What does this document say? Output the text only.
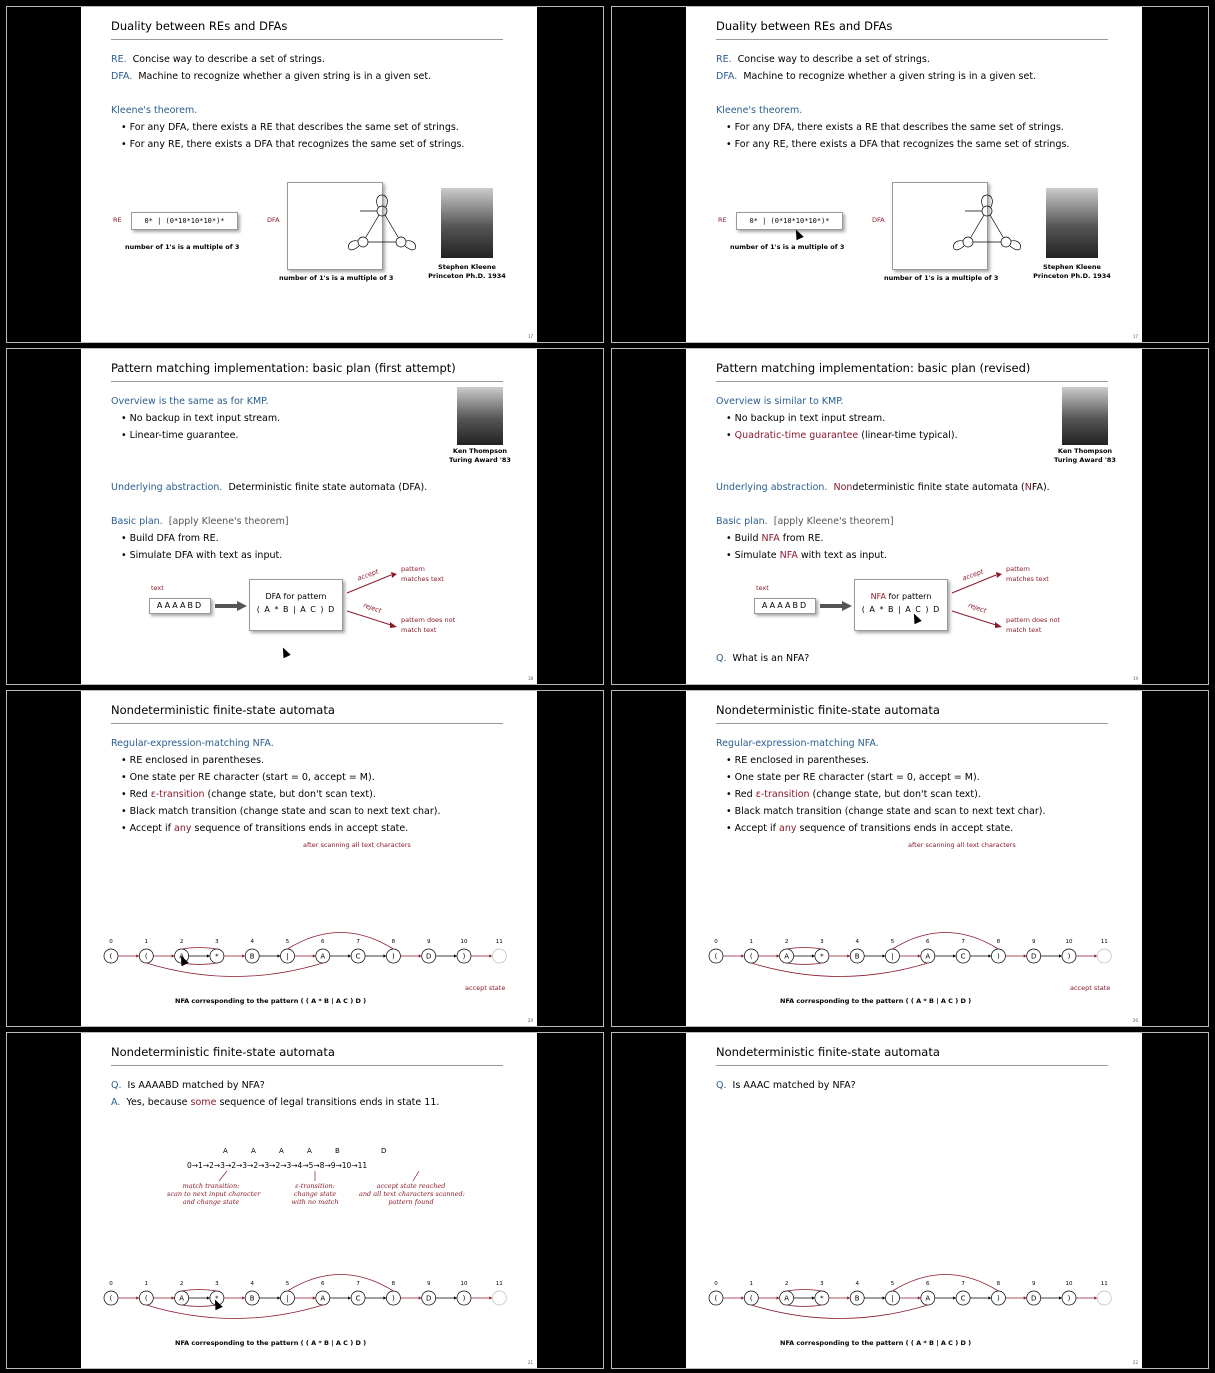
Duality between REs and DFAs
RE. Concise way to describe a set of strings.
DFA. Machine to recognize whether a given string is in a given set.
Kleene's theorem.
• For any DFA, there exists a RE that describes the same set of strings.
• For any RE, there exists a DFA that recognizes the same set of strings.
RE	0* | (0*10*10*10*)*
number of 1's is a multiple of 3
DFA
number of 1's is a multiple of 3
Stephen Kleene
Princeton Ph.D. 1934
17
Duality between REs and DFAs
RE. Concise way to describe a set of strings.
DFA. Machine to recognize whether a given string is in a given set.
Kleene's theorem.
• For any DFA, there exists a RE that describes the same set of strings.
• For any RE, there exists a DFA that recognizes the same set of strings.
RE	0* | (0*10*10*10*)*
number of 1's is a multiple of 3
DFA
number of 1's is a multiple of 3
Stephen Kleene
Princeton Ph.D. 1934
17
Pattern matching implementation: basic plan (first attempt)
Overview is the same as for KMP.
• No backup in text input stream.
• Linear-time guarantee.
Ken Thompson
Turing Award '83
Underlying abstraction. Deterministic finite state automata (DFA).
Basic plan. [apply Kleene's theorem]
• Build DFA from RE.
• Simulate DFA with text as input.
text
AAAABD
DFA for pattern
( A * B | A C ) D
accept
reject
pattern
matches text
pattern does not
match text
18
Pattern matching implementation: basic plan (revised)
Overview is similar to KMP.
• No backup in text input stream.
• Quadratic-time guarantee (linear-time typical).
Ken Thompson
Turing Award '83
Underlying abstraction. Nondeterministic finite state automata (NFA).
Basic plan. [apply Kleene's theorem]
• Build NFA from RE.
• Simulate NFA with text as input.
text
AAAABD
NFA for pattern
( A * B | A C ) D
accept
reject
pattern
matches text
pattern does not
match text
Q. What is an NFA?
19
Nondeterministic finite-state automata
Regular-expression-matching NFA.
• RE enclosed in parentheses.
• One state per RE character (start = 0, accept = M).
• Red ε-transition (change state, but don't scan text).
• Black match transition (change state and scan to next text char).
• Accept if any sequence of transitions ends in accept state.
after scanning all text characters
0
(
1
(
2
A
3
*
4
B
5
|
6
A
7
C
8
)
9
D
10
)
11
accept state
NFA corresponding to the pattern ( ( A * B | A C ) D )
20
Nondeterministic finite-state automata
Regular-expression-matching NFA.
• RE enclosed in parentheses.
• One state per RE character (start = 0, accept = M).
• Red ε-transition (change state, but don't scan text).
• Black match transition (change state and scan to next text char).
• Accept if any sequence of transitions ends in accept state.
after scanning all text characters
0
(
1
(
2
A
3
*
4
B
5
|
6
A
7
C
8
)
9
D
10
)
11
accept state
NFA corresponding to the pattern ( ( A * B | A C ) D )
20
Nondeterministic finite-state automata
Q. Is AAAABD matched by NFA?
A. Yes, because some sequence of legal transitions ends in state 11.
A	A	A	A	B	D
0→1→2→3→2→3→2→3→2→3→4→5→8→9→10→11
match transition:
scan to next input character
and change state
ε-transition:
change state
with no match
accept state reached
and all text characters scanned:
pattern found
0
(
1
(
2
A
3
*
4
B
5
|
6
A
7
C
8
)
9
D
10
)
11
NFA corresponding to the pattern ( ( A * B | A C ) D )
21
Nondeterministic finite-state automata
Q. Is AAAC matched by NFA?
0
(
1
(
2
A
3
*
4
B
5
|
6
A
7
C
8
)
9
D
10
)
11
NFA corresponding to the pattern ( ( A * B | A C ) D )
22
